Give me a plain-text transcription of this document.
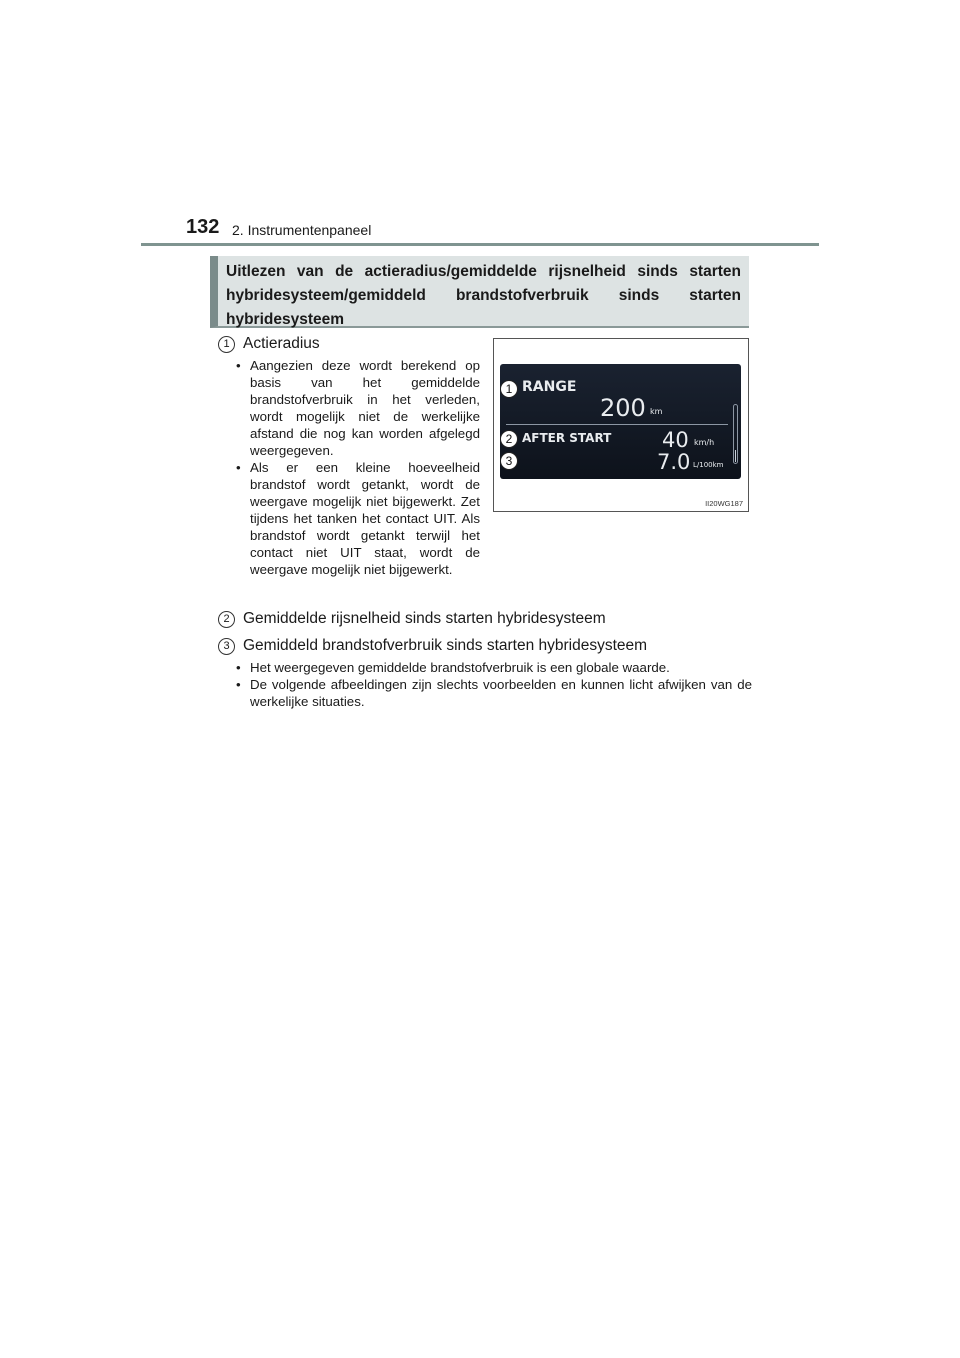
132 2. Instrumentenpaneel
Uitlezen van de actieradius/gemiddelde rijsnelheid sinds starten hybridesysteem/gemiddeld brandstofverbruik sinds starten hybridesysteem
1 Actieradius
• Aangezien deze wordt berekend op basis van het gemiddelde brandstofverbruik in het verleden, wordt mogelijk niet de werkelijke afstand die nog kan worden afgelegd weergegeven.
• Als er een kleine hoeveelheid brandstof wordt getankt, wordt de weergave mogelijk niet bijgewerkt. Zet tijdens het tanken het contact UIT. Als brandstof wordt getankt terwijl het contact niet UIT staat, wordt de weergave mogelijk niet bijgewerkt.
RANGE
200 km
AFTER START 40 km/h
7.0 L/100km
1
2
3
II20WG187
2 Gemiddelde rijsnelheid sinds starten hybridesysteem
3 Gemiddeld brandstofverbruik sinds starten hybridesysteem
• Het weergegeven gemiddelde brandstofverbruik is een globale waarde.
• De volgende afbeeldingen zijn slechts voorbeelden en kunnen licht afwijken van de werkelijke situaties.
